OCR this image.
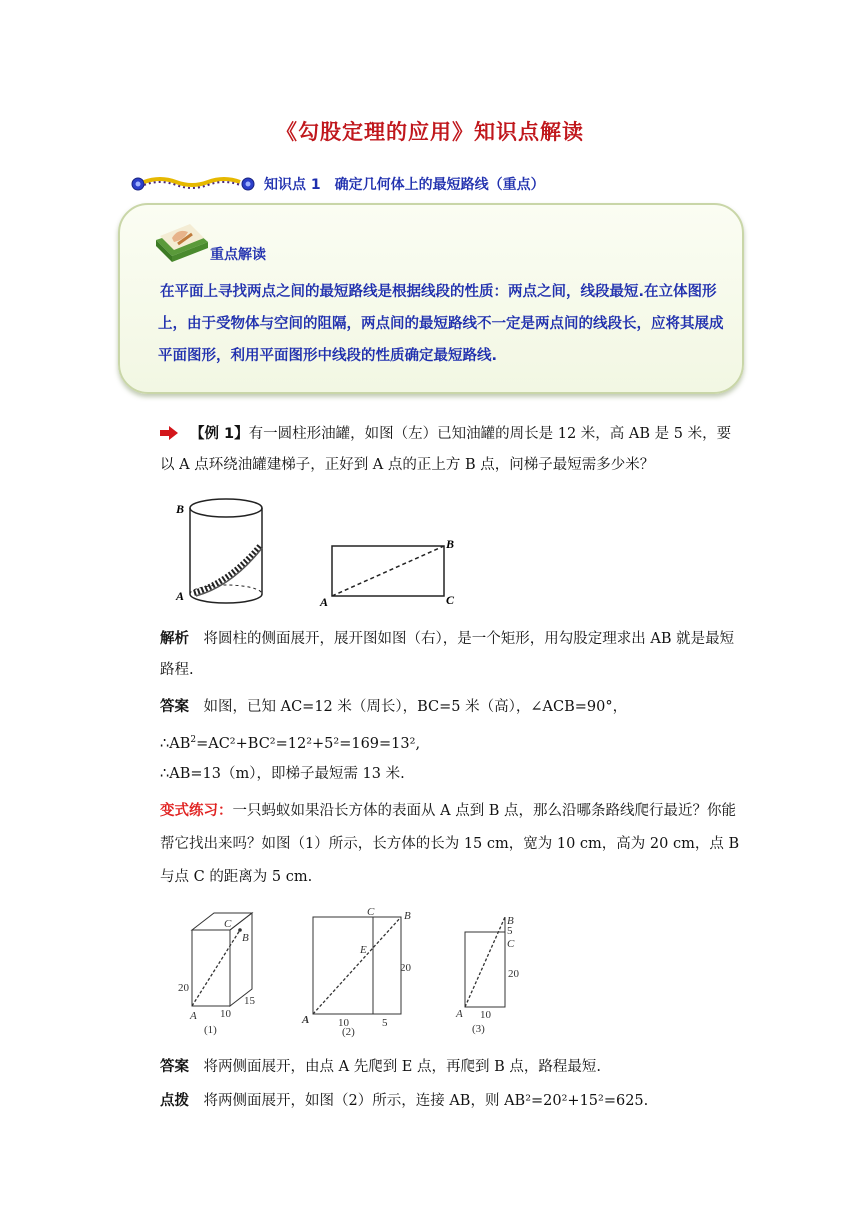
《勾股定理的应用》知识点解读
知识点 1　确定几何体上的最短路线（重点）
重点解读
在平面上寻找两点之间的最短路线是根据线段的性质：两点之间，线段最短.在立体图形上，由于受物体与空间的阻隔，两点间的最短路线不一定是两点间的线段长，应将其展成平面图形，利用平面图形中线段的性质确定最短路线.
【例 1】有一圆柱形油罐，如图（左）已知油罐的周长是 12 米，高 AB 是 5 米，要以 A 点环绕油罐建梯子，正好到 A 点的正上方 B 点，问梯子最短需多少米？
B
A
B
A	C
解析　 将圆柱的侧面展开，展开图如图（右），是一个矩形，用勾股定理求出 AB 就是最短路程.
答案　 如图，已知 AC=12 米（周长），BC=5 米（高），∠ACB=90°，
$\therefore AB^2=AC^2+BC^2=12^2+5^2=169=13^2$,
∴AB=13（m），即梯子最短需 13 米.
变式练习：一只蚂蚁如果沿长方体的表面从 A 点到 B 点，那么沿哪条路线爬行最近？你能帮它找出来吗？如图（1）所示，长方体的长为 15 cm，宽为 10 cm，高为 20 cm，点 B 与点 C 的距离为 5 cm.
C
B
A
20
10
15
(1)
C	B
E
A
20
10	5
(2)
B
5
C
A
20
10
(3)
答案　 将两侧面展开，由点 A 先爬到 E 点，再爬到 B 点，路程最短.
点拨　 将两侧面展开，如图（2）所示，连接 AB，则 AB²=20²+15²=625.
